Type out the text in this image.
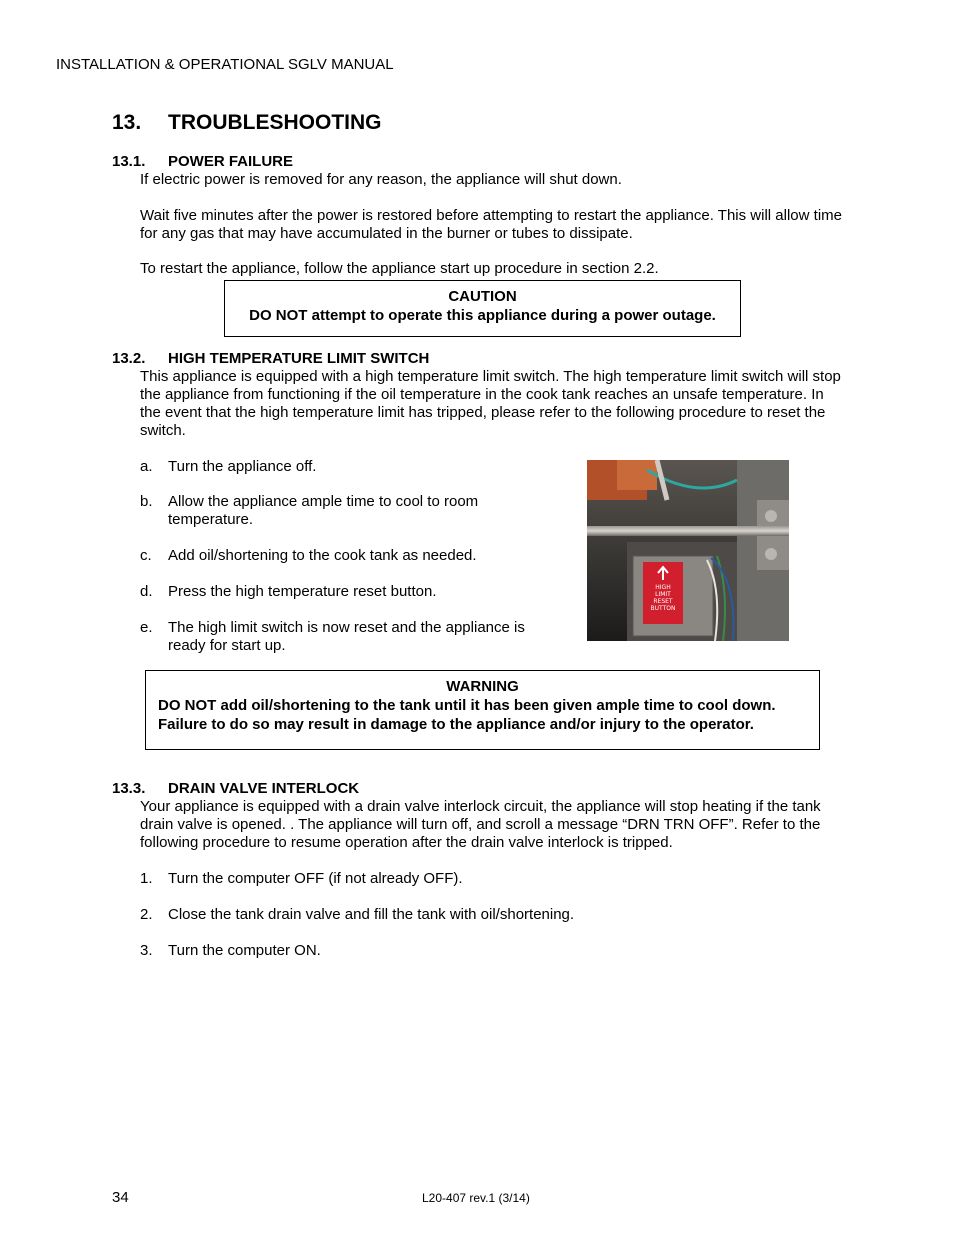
INSTALLATION & OPERATIONAL SGLV MANUAL
13. TROUBLESHOOTING
13.1. POWER FAILURE

If electric power is removed for any reason, the appliance will shut down.

Wait five minutes after the power is restored before attempting to restart the appliance. This will allow time for any gas that may have accumulated in the burner or tubes to dissipate.

To restart the appliance, follow the appliance start up procedure in section 2.2.

CAUTION
DO NOT attempt to operate this appliance during a power outage.
13.2. HIGH TEMPERATURE LIMIT SWITCH

This appliance is equipped with a high temperature limit switch. The high temperature limit switch will stop the appliance from functioning if the oil temperature in the cook tank reaches an unsafe temperature. In the event that the high temperature limit has tripped, please refer to the following procedure to reset the switch.

a. Turn the appliance off.
b. Allow the appliance ample time to cool to room temperature.
c. Add oil/shortening to the cook tank as needed.
d. Press the high temperature reset button.
e. The high limit switch is now reset and the appliance is ready for start up.
HIGH
LIMIT
RESET
BUTTON
WARNING
DO NOT add oil/shortening to the tank until it has been given ample time to cool down. Failure to do so may result in damage to the appliance and/or injury to the operator.
13.3. DRAIN VALVE INTERLOCK

Your appliance is equipped with a drain valve interlock circuit, the appliance will stop heating if the tank drain valve is opened. . The appliance will turn off, and scroll a message “DRN TRN OFF”. Refer to the following procedure to resume operation after the drain valve interlock is tripped.

1. Turn the computer OFF (if not already OFF).
2. Close the tank drain valve and fill the tank with oil/shortening.
3. Turn the computer ON.
34	L20-407 rev.1 (3/14)
